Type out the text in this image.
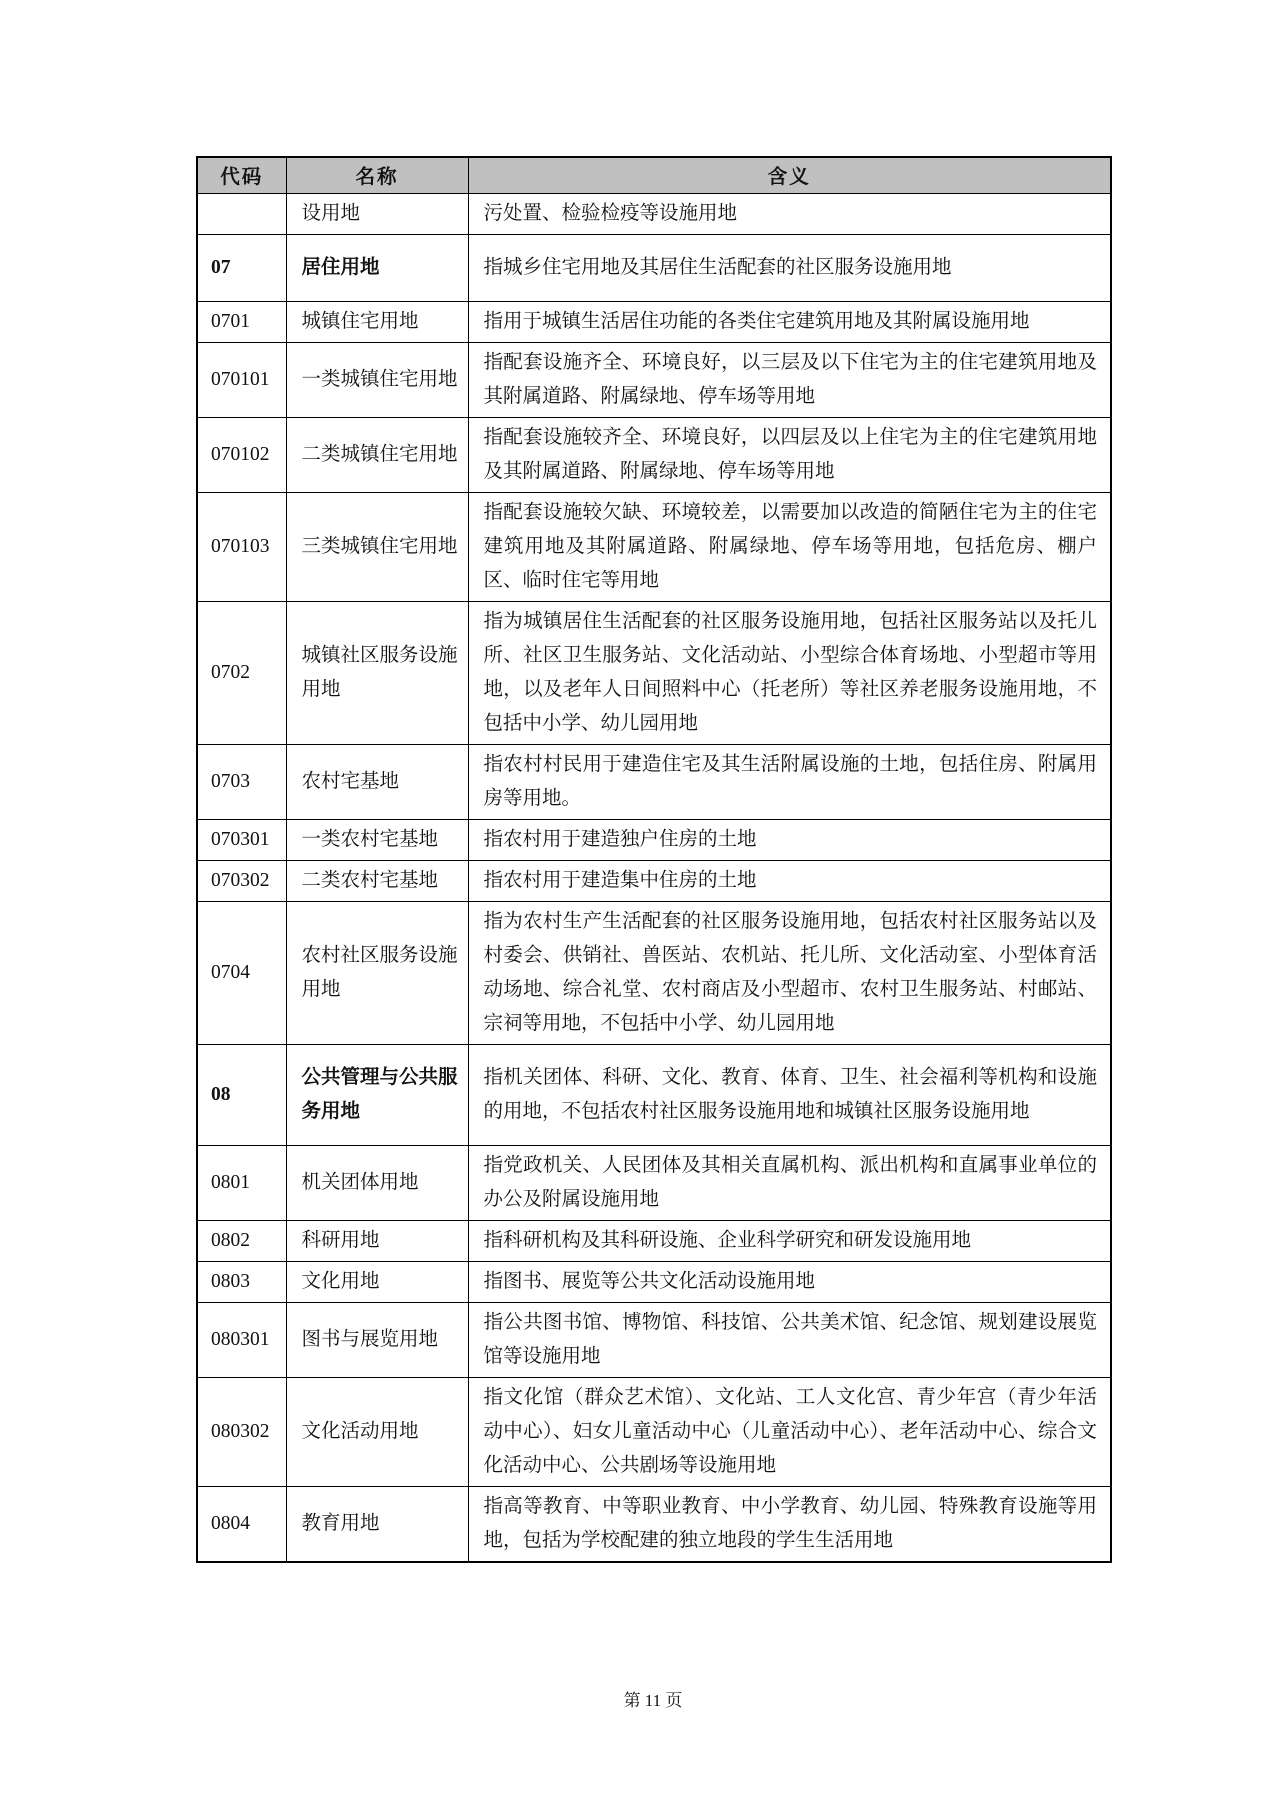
代码	名称	含义
	设用地	污处置、检验检疫等设施用地
07	居住用地	指城乡住宅用地及其居住生活配套的社区服务设施用地
0701	城镇住宅用地	指用于城镇生活居住功能的各类住宅建筑用地及其附属设施用地
070101	一类城镇住宅用地	指配套设施齐全、环境良好，以三层及以下住宅为主的住宅建筑用地及其附属道路、附属绿地、停车场等用地
070102	二类城镇住宅用地	指配套设施较齐全、环境良好，以四层及以上住宅为主的住宅建筑用地及其附属道路、附属绿地、停车场等用地
070103	三类城镇住宅用地	指配套设施较欠缺、环境较差，以需要加以改造的简陋住宅为主的住宅建筑用地及其附属道路、附属绿地、停车场等用地，包括危房、棚户区、临时住宅等用地
0702	城镇社区服务设施用地	指为城镇居住生活配套的社区服务设施用地，包括社区服务站以及托儿所、社区卫生服务站、文化活动站、小型综合体育场地、小型超市等用地，以及老年人日间照料中心（托老所）等社区养老服务设施用地，不包括中小学、幼儿园用地
0703	农村宅基地	指农村村民用于建造住宅及其生活附属设施的土地，包括住房、附属用房等用地。
070301	一类农村宅基地	指农村用于建造独户住房的土地
070302	二类农村宅基地	指农村用于建造集中住房的土地
0704	农村社区服务设施用地	指为农村生产生活配套的社区服务设施用地，包括农村社区服务站以及村委会、供销社、兽医站、农机站、托儿所、文化活动室、小型体育活动场地、综合礼堂、农村商店及小型超市、农村卫生服务站、村邮站、宗祠等用地，不包括中小学、幼儿园用地
08	公共管理与公共服务用地	指机关团体、科研、文化、教育、体育、卫生、社会福利等机构和设施的用地，不包括农村社区服务设施用地和城镇社区服务设施用地
0801	机关团体用地	指党政机关、人民团体及其相关直属机构、派出机构和直属事业单位的办公及附属设施用地
0802	科研用地	指科研机构及其科研设施、企业科学研究和研发设施用地
0803	文化用地	指图书、展览等公共文化活动设施用地
080301	图书与展览用地	指公共图书馆、博物馆、科技馆、公共美术馆、纪念馆、规划建设展览馆等设施用地
080302	文化活动用地	指文化馆（群众艺术馆）、文化站、工人文化宫、青少年宫（青少年活动中心）、妇女儿童活动中心（儿童活动中心）、老年活动中心、综合文化活动中心、公共剧场等设施用地
0804	教育用地	指高等教育、中等职业教育、中小学教育、幼儿园、特殊教育设施等用地，包括为学校配建的独立地段的学生生活用地
第 11 页
